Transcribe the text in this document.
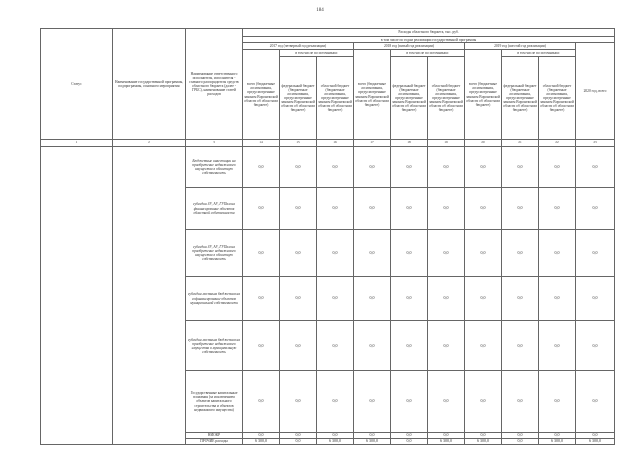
184
Статус	Наименование государственной программы, подпрограммы, основного мероприятия	Наименование ответственного исполнителя, исполнителя - главного распорядителя средств областного бюджета (далее - ГРБС), наименование статей расходов	Расходы областного бюджета, тыс. руб.									
			в том числе по годам реализации государственной программы									
			2017 год (четвертый год реализации)			2018 год (пятый год реализации)			2019 год (шестой год реализации)			2020 год, всего
			всего (бюджетные ассигнования, предусмотренные законом Воронежской области об областном бюджете)	в том числе по источникам:		всего (бюджетные ассигнования, предусмотренные законом Воронежской области об областном бюджете)	в том числе по источникам:		всего (бюджетные ассигнования, предусмотренные законом Воронежской области об областном бюджете)	в том числе по источникам:		
				федеральный бюджет (бюджетные ассигнования, предусмотренные законом Воронежской области об областном бюджете)	областной бюджет (бюджетные ассигнования, предусмотренные законом Воронежской области об областном бюджете)		федеральный бюджет (бюджетные ассигнования, предусмотренные законом Воронежской области об областном бюджете)	областной бюджет (бюджетные ассигнования, предусмотренные законом Воронежской области об областном бюджете)		федеральный бюджет (бюджетные ассигнования, предусмотренные законом Воронежской области об областном бюджете)	областной бюджет (бюджетные ассигнования, предусмотренные законом Воронежской области об областном бюджете)	
1	2	3	14	15	16	17	18	19	20	21	22	23
		Бюджетные инвестиции на приобретение недвижимого имущества в областную собственность	0,0	0,0	0,0	0,0	0,0	0,0	0,0	0,0	0,0	0,0
		субсидии ЗУ, АУ, ГУПам на финансирование объектов областной собственности	0,0	0,0	0,0	0,0	0,0	0,0	0,0	0,0	0,0	0,0
		субсидии ЗУ, АУ, ГУПам на приобретение недвижимого имущества в областную собственность	0,0	0,0	0,0	0,0	0,0	0,0	0,0	0,0	0,0	0,0
		субсидии местным бюджетам на софинансирование объектов муниципальной собственности	0,0	0,0	0,0	0,0	0,0	0,0	0,0	0,0	0,0	0,0
		субсидии местным бюджетам на приобретение недвижимого имущества в муниципальную собственность	0,0	0,0	0,0	0,0	0,0	0,0	0,0	0,0	0,0	0,0
		Государственные капитальные вложения (за исключением объектов капитального строительства и объектов недвижимого имущества)	0,0	0,0	0,0	0,0	0,0	0,0	0,0	0,0	0,0	0,0
		НИОКР	0,0	0,0	0,0	0,0	0,0	0,0	0,0	0,0	0,0	0,0
		ПРОЧИЕ расходы	6 300,0	0,0	6 300,0	6 300,0	0,0	6 300,0	6 300,0	0,0	6 300,0	6 300,0
